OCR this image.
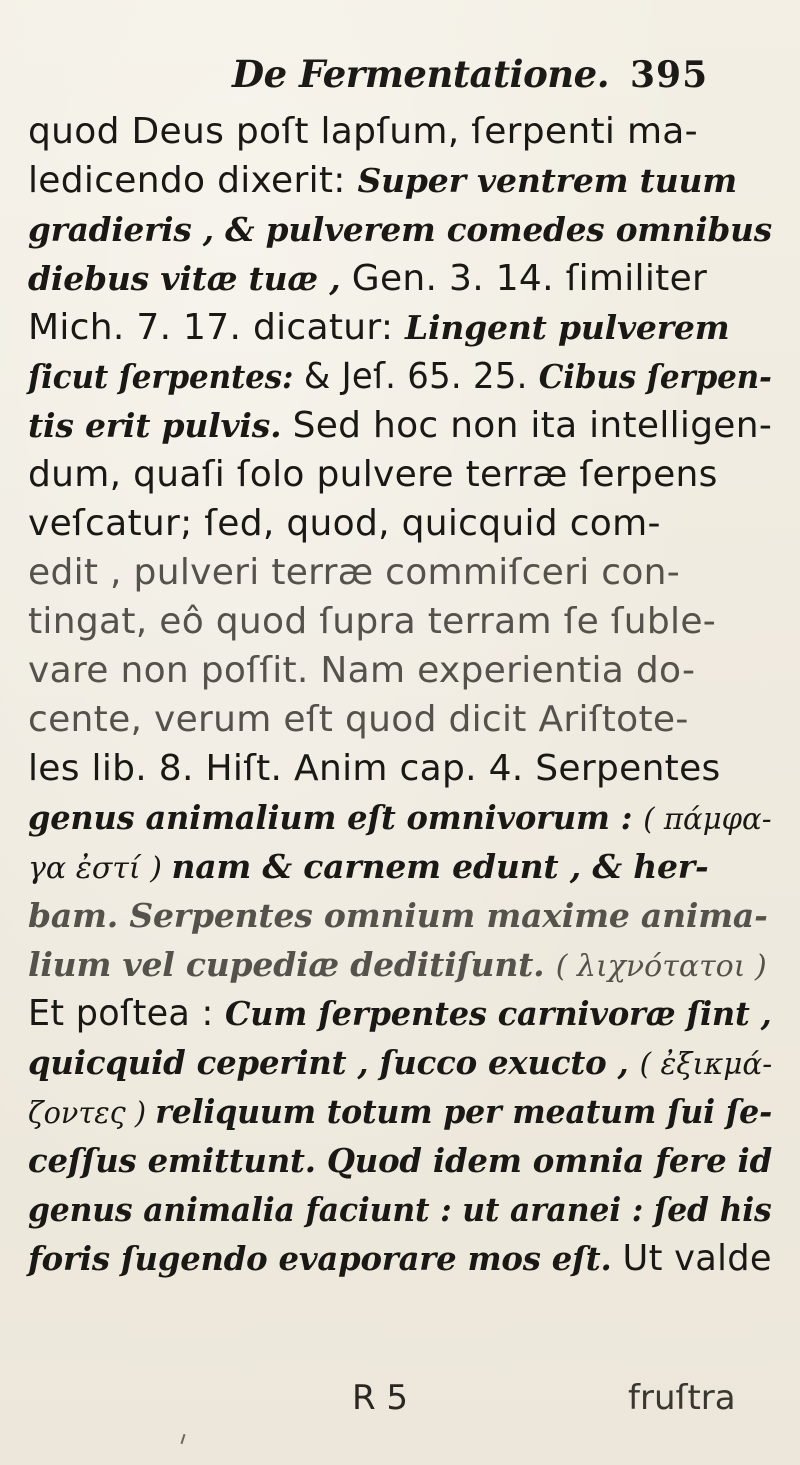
De Fermentatione. 395
quod Deus poſt lapſum, ſerpenti ma-
ledicendo dixerit: Super ventrem tuum
gradieris , & pulverem comedes omnibus
diebus vitæ tuæ , Gen. 3. 14. ſimiliter
Mich. 7. 17. dicatur: Lingent pulverem
ſicut ſerpentes: & Jeſ. 65. 25. Cibus ſerpen-
tis erit pulvis. Sed hoc non ita intelligen-
dum, quaſi ſolo pulvere terræ ſerpens
veſcatur; ſed, quod, quicquid com-
edit , pulveri terræ commiſceri con-
tingat, eô quod ſupra terram ſe ſuble-
vare non poſſit. Nam experientia do-
cente, verum eſt quod dicit Ariſtote-
les lib. 8. Hiſt. Anim cap. 4. Serpentes
genus animalium eſt omnivorum : ( πάμφα-
γα ἐστί ) nam & carnem edunt , & her-
bam. Serpentes omnium maxime anima-
lium vel cupediæ deditiſunt. ( λιχνότατοι )
Et poſtea : Cum ſerpentes carnivoræ ſint ,
quicquid ceperint , ſucco exucto , ( ἐξικμά-
ζοντες ) reliquum totum per meatum ſui ſe-
ceſſus emittunt. Quod idem omnia fere id
genus animalia faciunt : ut aranei : ſed his
foris ſugendo evaporare mos eſt. Ut valde
R 5	fruſtra
